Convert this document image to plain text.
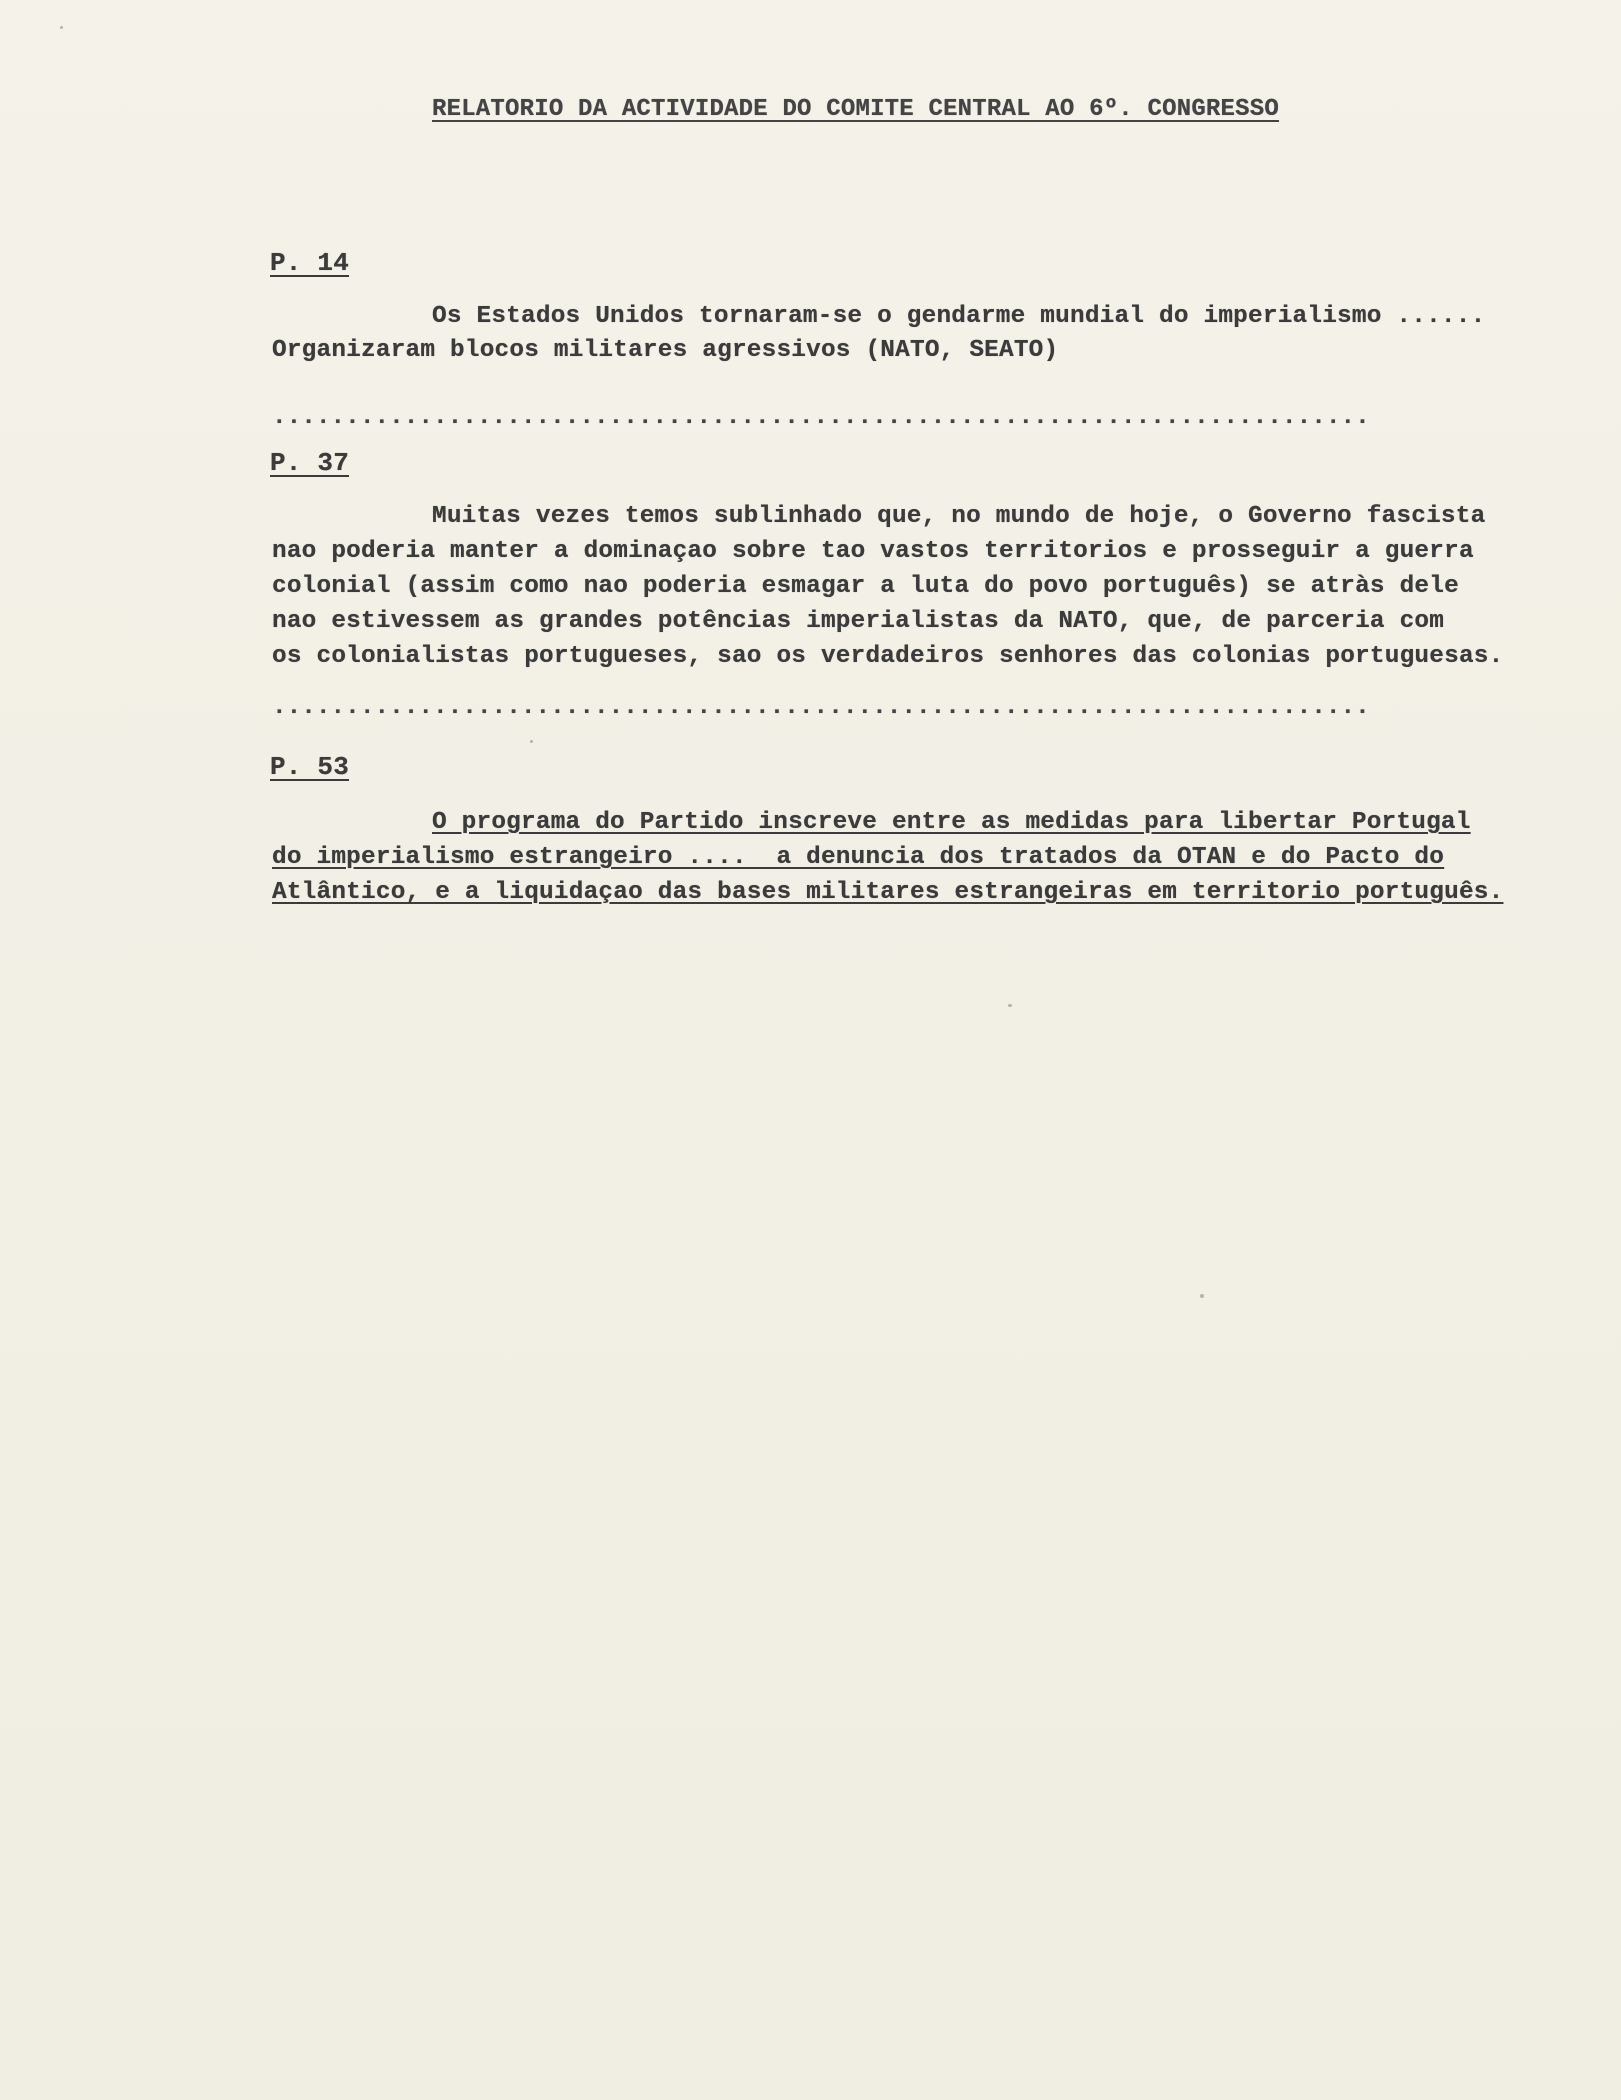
RELATORIO DA ACTIVIDADE DO COMITE CENTRAL AO 6º. CONGRESSO
P. 14
Os Estados Unidos tornaram-se o gendarme mundial do imperialismo ......
Organizaram blocos militares agressivos (NATO, SEATO)
...........................................................................
P. 37
Muitas vezes temos sublinhado que, no mundo de hoje, o Governo fascista
nao poderia manter a dominaçao sobre tao vastos territorios e prosseguir a guerra
colonial (assim como nao poderia esmagar a luta do povo português) se atràs dele
nao estivessem as grandes potências imperialistas da NATO, que, de parceria com
os colonialistas portugueses, sao os verdadeiros senhores das colonias portuguesas.
...........................................................................
P. 53
O programa do Partido inscreve entre as medidas para libertar Portugal
do imperialismo estrangeiro ....  a denuncia dos tratados da OTAN e do Pacto do
Atlântico, e a liquidaçao das bases militares estrangeiras em territorio português.
